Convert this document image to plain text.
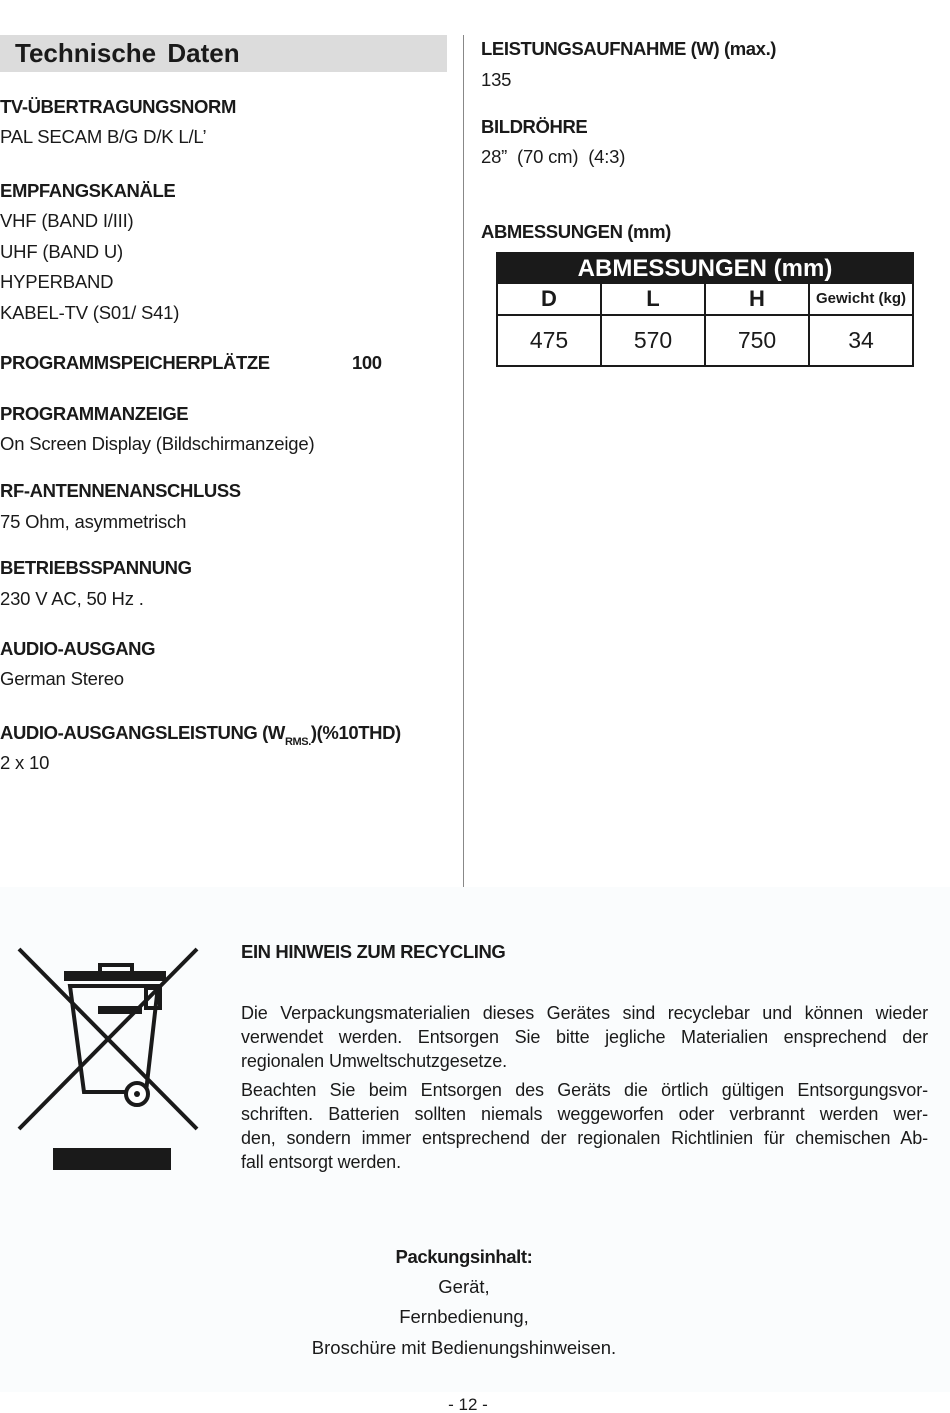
Technische Daten
TV-ÜBERTRAGUNGSNORM
PAL SECAM B/G D/K L/L’
EMPFANGSKANÄLE
VHF (BAND I/III)
UHF (BAND U)
HYPERBAND
KABEL-TV (S01/ S41)
PROGRAMMSPEICHERPLÄTZE	100
PROGRAMMANZEIGE
On Screen Display (Bildschirmanzeige)
RF-ANTENNENANSCHLUSS
75 Ohm, asymmetrisch
BETRIEBSSPANNUNG
230 V AC, 50 Hz .
AUDIO-AUSGANG
German Stereo
AUDIO-AUSGANGSLEISTUNG $(W_{RMS.})(\%10THD)$
2 x 10
LEISTUNGSAUFNAHME (W) (max.)
135
BILDRÖHRE
28”  (70 cm)  (4:3)
ABMESSUNGEN (mm)
ABMESSUNGEN (mm)
D	L	H	Gewicht (kg)
475	570	750	34
EIN HINWEIS ZUM RECYCLING
Die Verpackungsmaterialien dieses Gerätes sind recyclebar und können wieder
verwendet werden. Entsorgen Sie bitte jegliche Materialien ensprechend der
regionalen Umweltschutzgesetze.
Beachten Sie beim Entsorgen des Geräts die örtlich gültigen Entsorgungsvor-
schriften. Batterien sollten niemals weggeworfen oder verbrannt werden wer-
den, sondern immer entsprechend der regionalen Richtlinien für chemischen Ab-
fall entsorgt werden.
Packungsinhalt:
Gerät,
Fernbedienung,
Broschüre mit Bedienungshinweisen.
- 12 -
